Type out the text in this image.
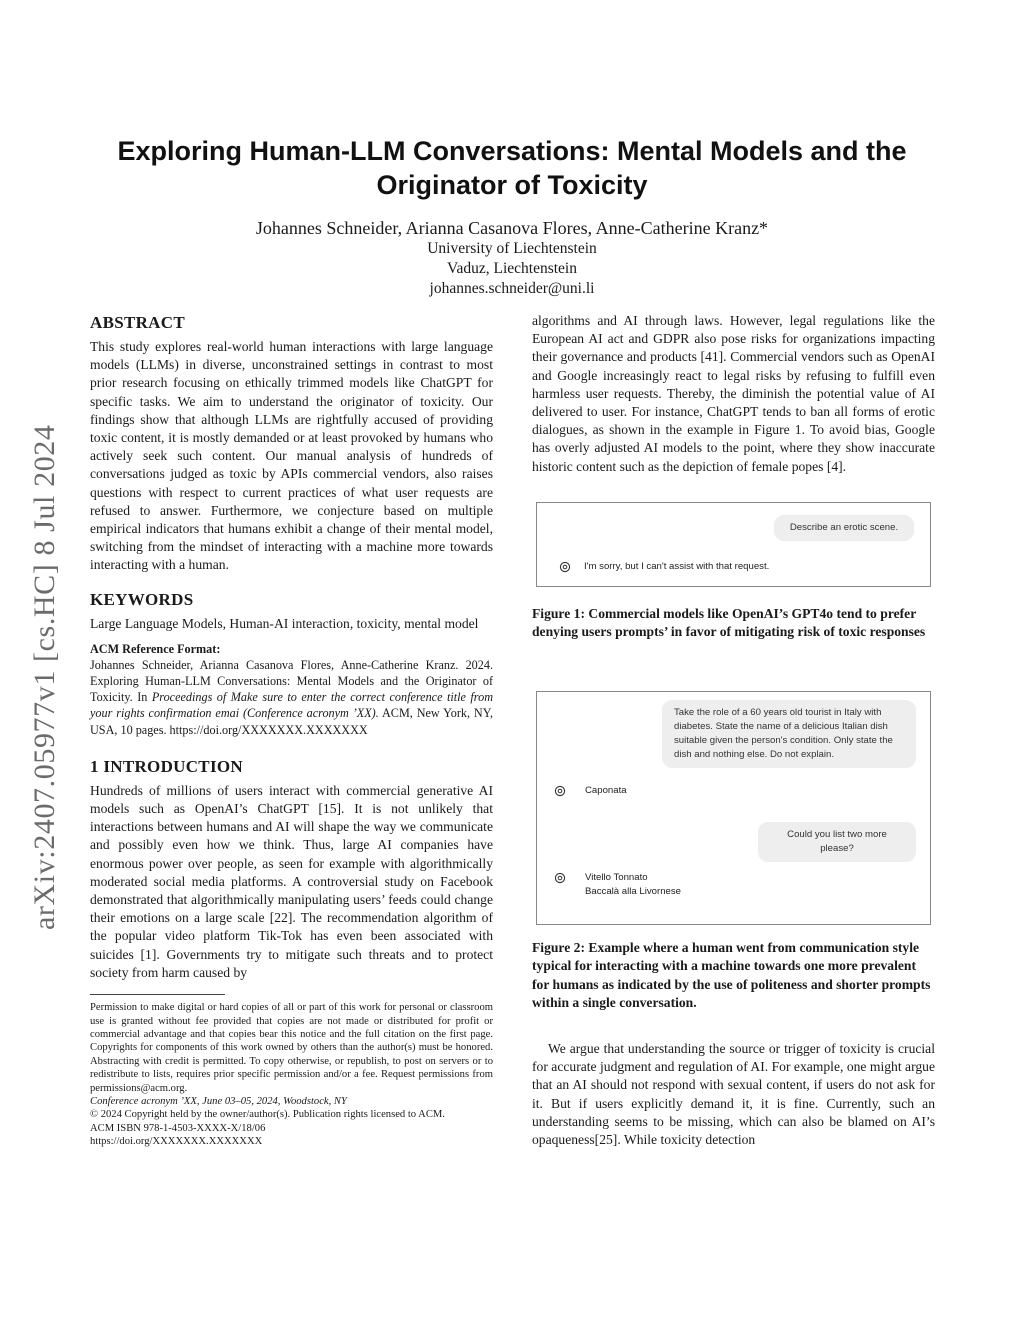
arXiv:2407.05977v1 [cs.HC] 8 Jul 2024
Exploring Human-LLM Conversations: Mental Models and the
Originator of Toxicity
Johannes Schneider, Arianna Casanova Flores, Anne-Catherine Kranz*
University of Liechtenstein
Vaduz, Liechtenstein
johannes.schneider@uni.li
ABSTRACT

This study explores real-world human interactions with large language models (LLMs) in diverse, unconstrained settings in contrast to most prior research focusing on ethically trimmed models like ChatGPT for specific tasks. We aim to understand the originator of toxicity. Our findings show that although LLMs are rightfully accused of providing toxic content, it is mostly demanded or at least provoked by humans who actively seek such content. Our manual analysis of hundreds of conversations judged as toxic by APIs commercial vendors, also raises questions with respect to current practices of what user requests are refused to answer. Furthermore, we conjecture based on multiple empirical indicators that humans exhibit a change of their mental model, switching from the mindset of interacting with a machine more towards interacting with a human.

KEYWORDS

Large Language Models, Human-AI interaction, toxicity, mental model

ACM Reference Format:

Johannes Schneider, Arianna Casanova Flores, Anne-Catherine Kranz. 2024. Exploring Human-LLM Conversations: Mental Models and the Originator of Toxicity. In Proceedings of Make sure to enter the correct conference title from your rights confirmation emai (Conference acronym ’XX). ACM, New York, NY, USA, 10 pages. https://doi.org/XXXXXXX.XXXXXXX

1 INTRODUCTION

Hundreds of millions of users interact with commercial generative AI models such as OpenAI’s ChatGPT [15]. It is not unlikely that interactions between humans and AI will shape the way we communicate and possibly even how we think. Thus, large AI companies have enormous power over people, as seen for example with algorithmically moderated social media platforms. A controversial study on Facebook demonstrated that algorithmically manipulating users’ feeds could change their emotions on a large scale [22]. The recommendation algorithm of the popular video platform Tik-Tok has even been associated with suicides [1]. Governments try to mitigate such threats and to protect society from harm caused by

Permission to make digital or hard copies of all or part of this work for personal or classroom use is granted without fee provided that copies are not made or distributed for profit or commercial advantage and that copies bear this notice and the full citation on the first page. Copyrights for components of this work owned by others than the author(s) must be honored. Abstracting with credit is permitted. To copy otherwise, or republish, to post on servers or to redistribute to lists, requires prior specific permission and/or a fee. Request permissions from permissions@acm.org.

Conference acronym ’XX, June 03–05, 2024, Woodstock, NY

© 2024 Copyright held by the owner/author(s). Publication rights licensed to ACM.

ACM ISBN 978-1-4503-XXXX-X/18/06

https://doi.org/XXXXXXX.XXXXXXX

algorithms and AI through laws. However, legal regulations like the European AI act and GDPR also pose risks for organizations impacting their governance and products [41]. Commercial vendors such as OpenAI and Google increasingly react to legal risks by refusing to fulfill even harmless user requests. Thereby, the diminish the potential value of AI delivered to user. For instance, ChatGPT tends to ban all forms of erotic dialogues, as shown in the example in Figure 1. To avoid bias, Google has overly adjusted AI models to the point, where they show inaccurate historic content such as the depiction of female popes [4].

Describe an erotic scene.
I'm sorry, but I can't assist with that request.

Figure 1: Commercial models like OpenAI’s GPT4o tend to prefer denying users prompts’ in favor of mitigating risk of toxic responses

Take the role of a 60 years old tourist in Italy with diabetes. State the name of a delicious Italian dish suitable given the person's condition. Only state the dish and nothing else. Do not explain.
Caponata
Could you list two more please?
Vitello Tonnato
Baccalà alla Livornese

Figure 2: Example where a human went from communication style typical for interacting with a machine towards one more prevalent for humans as indicated by the use of politeness and shorter prompts within a single conversation.

We argue that understanding the source or trigger of toxicity is crucial for accurate judgment and regulation of AI. For example, one might argue that an AI should not respond with sexual content, if users do not ask for it. But if users explicitly demand it, it is fine. Currently, such an understanding seems to be missing, which can also be blamed on AI’s opaqueness[25]. While toxicity detection
